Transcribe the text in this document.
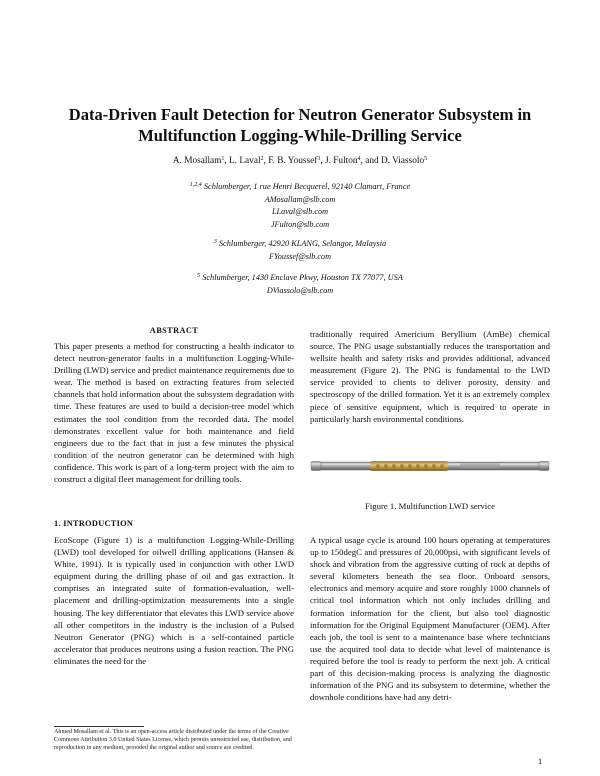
Data-Driven Fault Detection for Neutron Generator Subsystem in Multifunction Logging-While-Drilling Service
A. Mosallam$^1$, L. Laval$^2$, F. B. Youssef$^3$, J. Fulton$^4$, and D. Viassolo$^5$
$^{1,2,4}$ Schlumberger, 1 rue Henri Becquerel, 92140 Clamart, France
AMosallam@slb.com
LLaval@slb.com
JFulton@slb.com
$^3$ Schlumberger, 42920 KLANG, Selangor, Malaysia
FYoussef@slb.com
$^5$ Schlumberger, 1430 Enclave Pkwy, Houston TX 77077, USA
DViassolo@slb.com
ABSTRACT

This paper presents a method for constructing a health indicator to detect neutron-generator faults in a multifunction Logging-While-Drilling (LWD) service and predict maintenance requirements due to wear. The method is based on extracting features from selected channels that hold information about the subsystem degradation with time. These features are used to build a decision-tree model which estimates the tool condition from the recorded data. The model demonstrates excellent value for both maintenance and field engineers due to the fact that in just a few minutes the physical condition of the neutron generator can be determined with high confidence. This work is part of a long-term project with the aim to construct a digital fleet management for drilling tools.

1. INTRODUCTION

EcoScope (Figure 1) is a multifunction Logging-While-Drilling (LWD) tool developed for oilwell drilling applications (Hansen & White, 1991). It is typically used in conjunction with other LWD equipment during the drilling phase of oil and gas extraction. It comprises an integrated suite of formation-evaluation, well-placement and drilling-optimization measurements into a single housing. The key differentiator that elevates this LWD service above all other competitors in the industry is the inclusion of a Pulsed Neutron Generator (PNG) which is a self-contained particle accelerator that produces neutrons using a fusion reaction. The PNG eliminates the need for the

Ahmed Mosallam et al. This is an open-access article distributed under the terms of the Creative Commons Attribution 3.0 United States License, which permits unrestricted use, distribution, and reproduction in any medium, provided the original author and source are credited.

traditionally required Americium Beryllium (AmBe) chemical source. The PNG usage substantially reduces the transportation and wellsite health and safety risks and provides additional, advanced measurement (Figure 2). The PNG is fundamental to the LWD service provided to clients to deliver porosity, density and spectroscopy of the drilled formation. Yet it is an extremely complex piece of sensitive equipment, which is required to operate in particularly harsh environmental conditions.

Figure 1. Multifunction LWD service

A typical usage cycle is around 100 hours operating at temperatures up to 150degC and pressures of 20,000psi, with significant levels of shock and vibration from the aggressive cutting of rock at depths of several kilometers beneath the sea floor. Onboard sensors, electronics and memory acquire and store roughly 1000 channels of critical tool information which not only includes drilling and formation information for the client, but also tool diagnostic information for the Original Equipment Manufacturer (OEM). After each job, the tool is sent to a maintenance base where technicians use the acquired tool data to decide what level of maintenance is required before the tool is ready to perform the next job. A critical part of this decision-making process is analyzing the diagnostic information of the PNG and its subsystem to determine, whether the downhole conditions have had any detri-

1
